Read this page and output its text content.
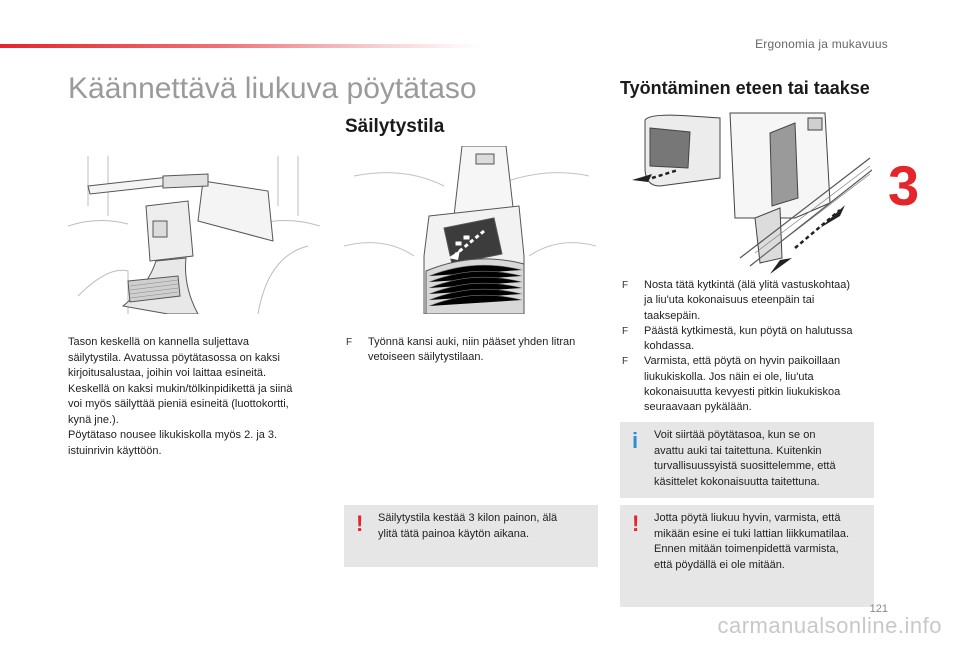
Ergonomia ja mukavuus
3
Käännettävä liukuva pöytätaso
Säilytystila
Työntäminen eteen tai taakse
Tason keskellä on kannella suljettava
säilytystila. Avatussa pöytätasossa on kaksi
kirjoitusalustaa, joihin voi laittaa esineitä.
Keskellä on kaksi mukin/tölkinpidikettä ja siinä
voi myös säilyttää pieniä esineitä (luottokortti,
kynä jne.).
Pöytätaso nousee likukiskolla myös 2. ja 3.
istuinrivin käyttöön.
F Työnnä kansi auki, niin pääset yhden litran
vetoiseen säilytystilaan.
! Säilytystila kestää 3 kilon painon, älä
ylitä tätä painoa käytön aikana.
F Nosta tätä kytkintä (älä ylitä vastuskohtaa)
ja liu'uta kokonaisuus eteenpäin tai
taaksepäin.
F Päästä kytkimestä, kun pöytä on halutussa
kohdassa.
F Varmista, että pöytä on hyvin paikoillaan
liukukiskolla. Jos näin ei ole, liu'uta
kokonaisuutta kevyesti pitkin liukukiskoa
seuraavaan pykälään.
i Voit siirtää pöytätasoa, kun se on
avattu auki tai taitettuna. Kuitenkin
turvallisuussyistä suosittelemme, että
käsittelet kokonaisuutta taitettuna.
! Jotta pöytä liukuu hyvin, varmista, että
mikään esine ei tuki lattian liikkumatilaa.
Ennen mitään toimenpidettä varmista,
että pöydällä ei ole mitään.
121
carmanualsonline.info
